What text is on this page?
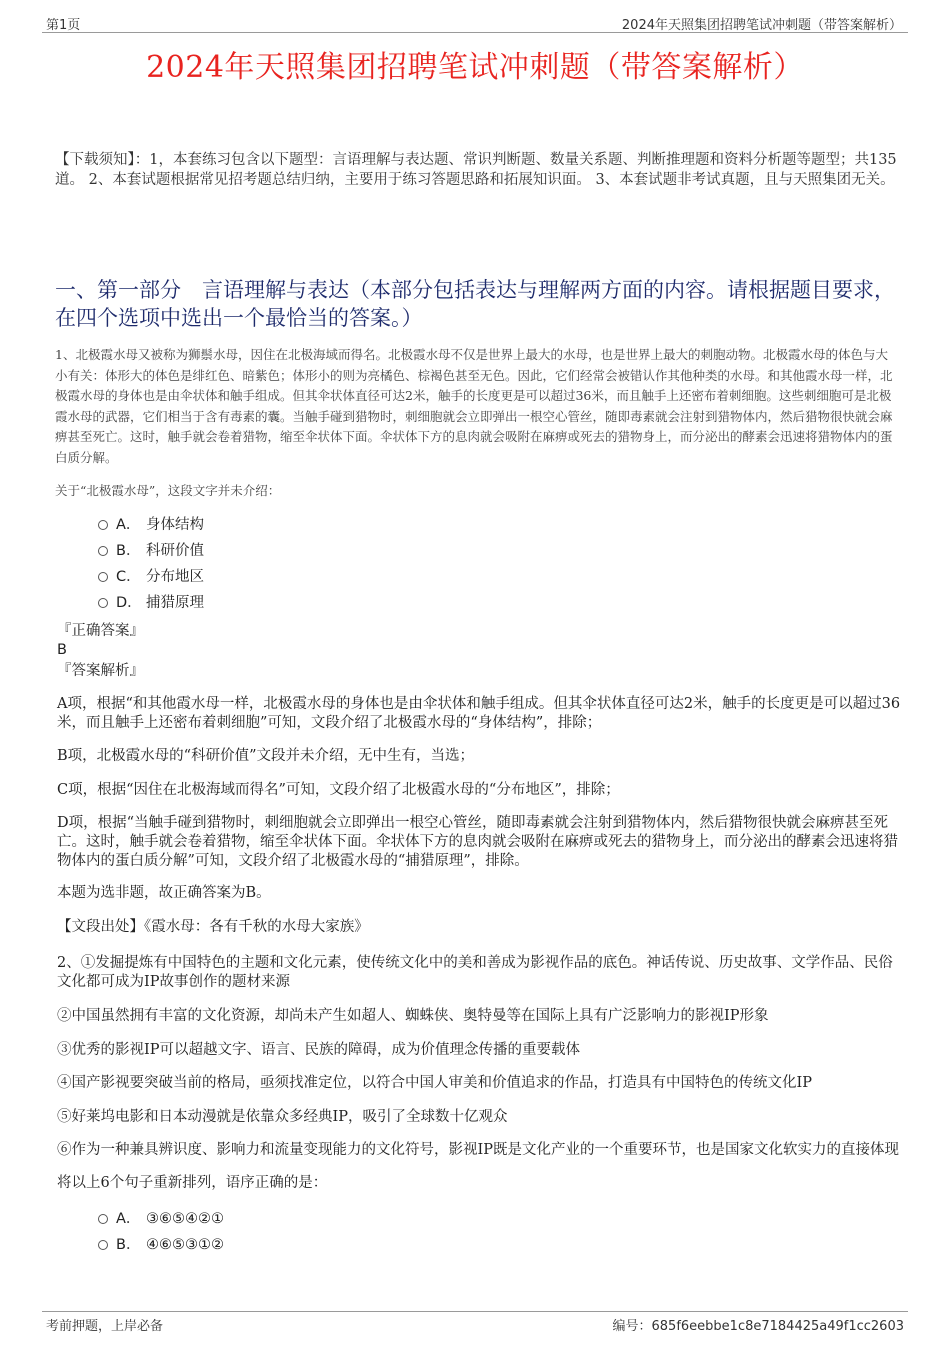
第1页	2024年天照集团招聘笔试冲刺题（带答案解析）
2024年天照集团招聘笔试冲刺题（带答案解析）
【下载须知】：1，本套练习包含以下题型：言语理解与表达题、常识判断题、数量关系题、判断推理题和资料分析题等题型；共135道。 2、本套试题根据常见招考题总结归纳，主要用于练习答题思路和拓展知识面。 3、本套试题非考试真题，且与天照集团无关。
一、第一部分　言语理解与表达（本部分包括表达与理解两方面的内容。请根据题目要求，在四个选项中选出一个最恰当的答案。）
1、北极霞水母又被称为狮鬃水母，因住在北极海域而得名。北极霞水母不仅是世界上最大的水母，也是世界上最大的刺胞动物。北极霞水母的体色与大小有关：体形大的体色是绯红色、暗紫色；体形小的则为亮橘色、棕褐色甚至无色。因此，它们经常会被错认作其他种类的水母。和其他霞水母一样，北极霞水母的身体也是由伞状体和触手组成。但其伞状体直径可达2米，触手的长度更是可以超过36米，而且触手上还密布着刺细胞。这些刺细胞可是北极霞水母的武器，它们相当于含有毒素的囊。当触手碰到猎物时，刺细胞就会立即弹出一根空心管丝，随即毒素就会注射到猎物体内，然后猎物很快就会麻痹甚至死亡。这时，触手就会卷着猎物，缩至伞状体下面。伞状体下方的息肉就会吸附在麻痹或死去的猎物身上，而分泌出的酵素会迅速将猎物体内的蛋白质分解。
关于“北极霞水母”，这段文字并未介绍：
A． 身体结构
B． 科研价值
C． 分布地区
D． 捕猎原理
『正确答案』
B
『答案解析』
A项，根据“和其他霞水母一样，北极霞水母的身体也是由伞状体和触手组成。但其伞状体直径可达2米，触手的长度更是可以超过36米，而且触手上还密布着刺细胞”可知，文段介绍了北极霞水母的“身体结构”，排除；
B项，北极霞水母的“科研价值”文段并未介绍，无中生有，当选；
C项，根据“因住在北极海域而得名”可知，文段介绍了北极霞水母的“分布地区”，排除；
D项，根据“当触手碰到猎物时，刺细胞就会立即弹出一根空心管丝，随即毒素就会注射到猎物体内，然后猎物很快就会麻痹甚至死亡。这时，触手就会卷着猎物，缩至伞状体下面。伞状体下方的息肉就会吸附在麻痹或死去的猎物身上，而分泌出的酵素会迅速将猎物体内的蛋白质分解”可知，文段介绍了北极霞水母的“捕猎原理”，排除。
本题为选非题，故正确答案为B。
【文段出处】《霞水母：各有千秋的水母大家族》
2、①发掘提炼有中国特色的主题和文化元素，使传统文化中的美和善成为影视作品的底色。神话传说、历史故事、文学作品、民俗文化都可成为IP故事创作的题材来源
②中国虽然拥有丰富的文化资源，却尚未产生如超人、蜘蛛侠、奥特曼等在国际上具有广泛影响力的影视IP形象
③优秀的影视IP可以超越文字、语言、民族的障碍，成为价值理念传播的重要载体
④国产影视要突破当前的格局，亟须找准定位，以符合中国人审美和价值追求的作品，打造具有中国特色的传统文化IP
⑤好莱坞电影和日本动漫就是依靠众多经典IP，吸引了全球数十亿观众
⑥作为一种兼具辨识度、影响力和流量变现能力的文化符号，影视IP既是文化产业的一个重要环节，也是国家文化软实力的直接体现
将以上6个句子重新排列，语序正确的是：
A． ③⑥⑤④②①
B． ④⑥⑤③①②
考前押题，上岸必备	编号：685f6eebbe1c8e7184425a49f1cc2603
